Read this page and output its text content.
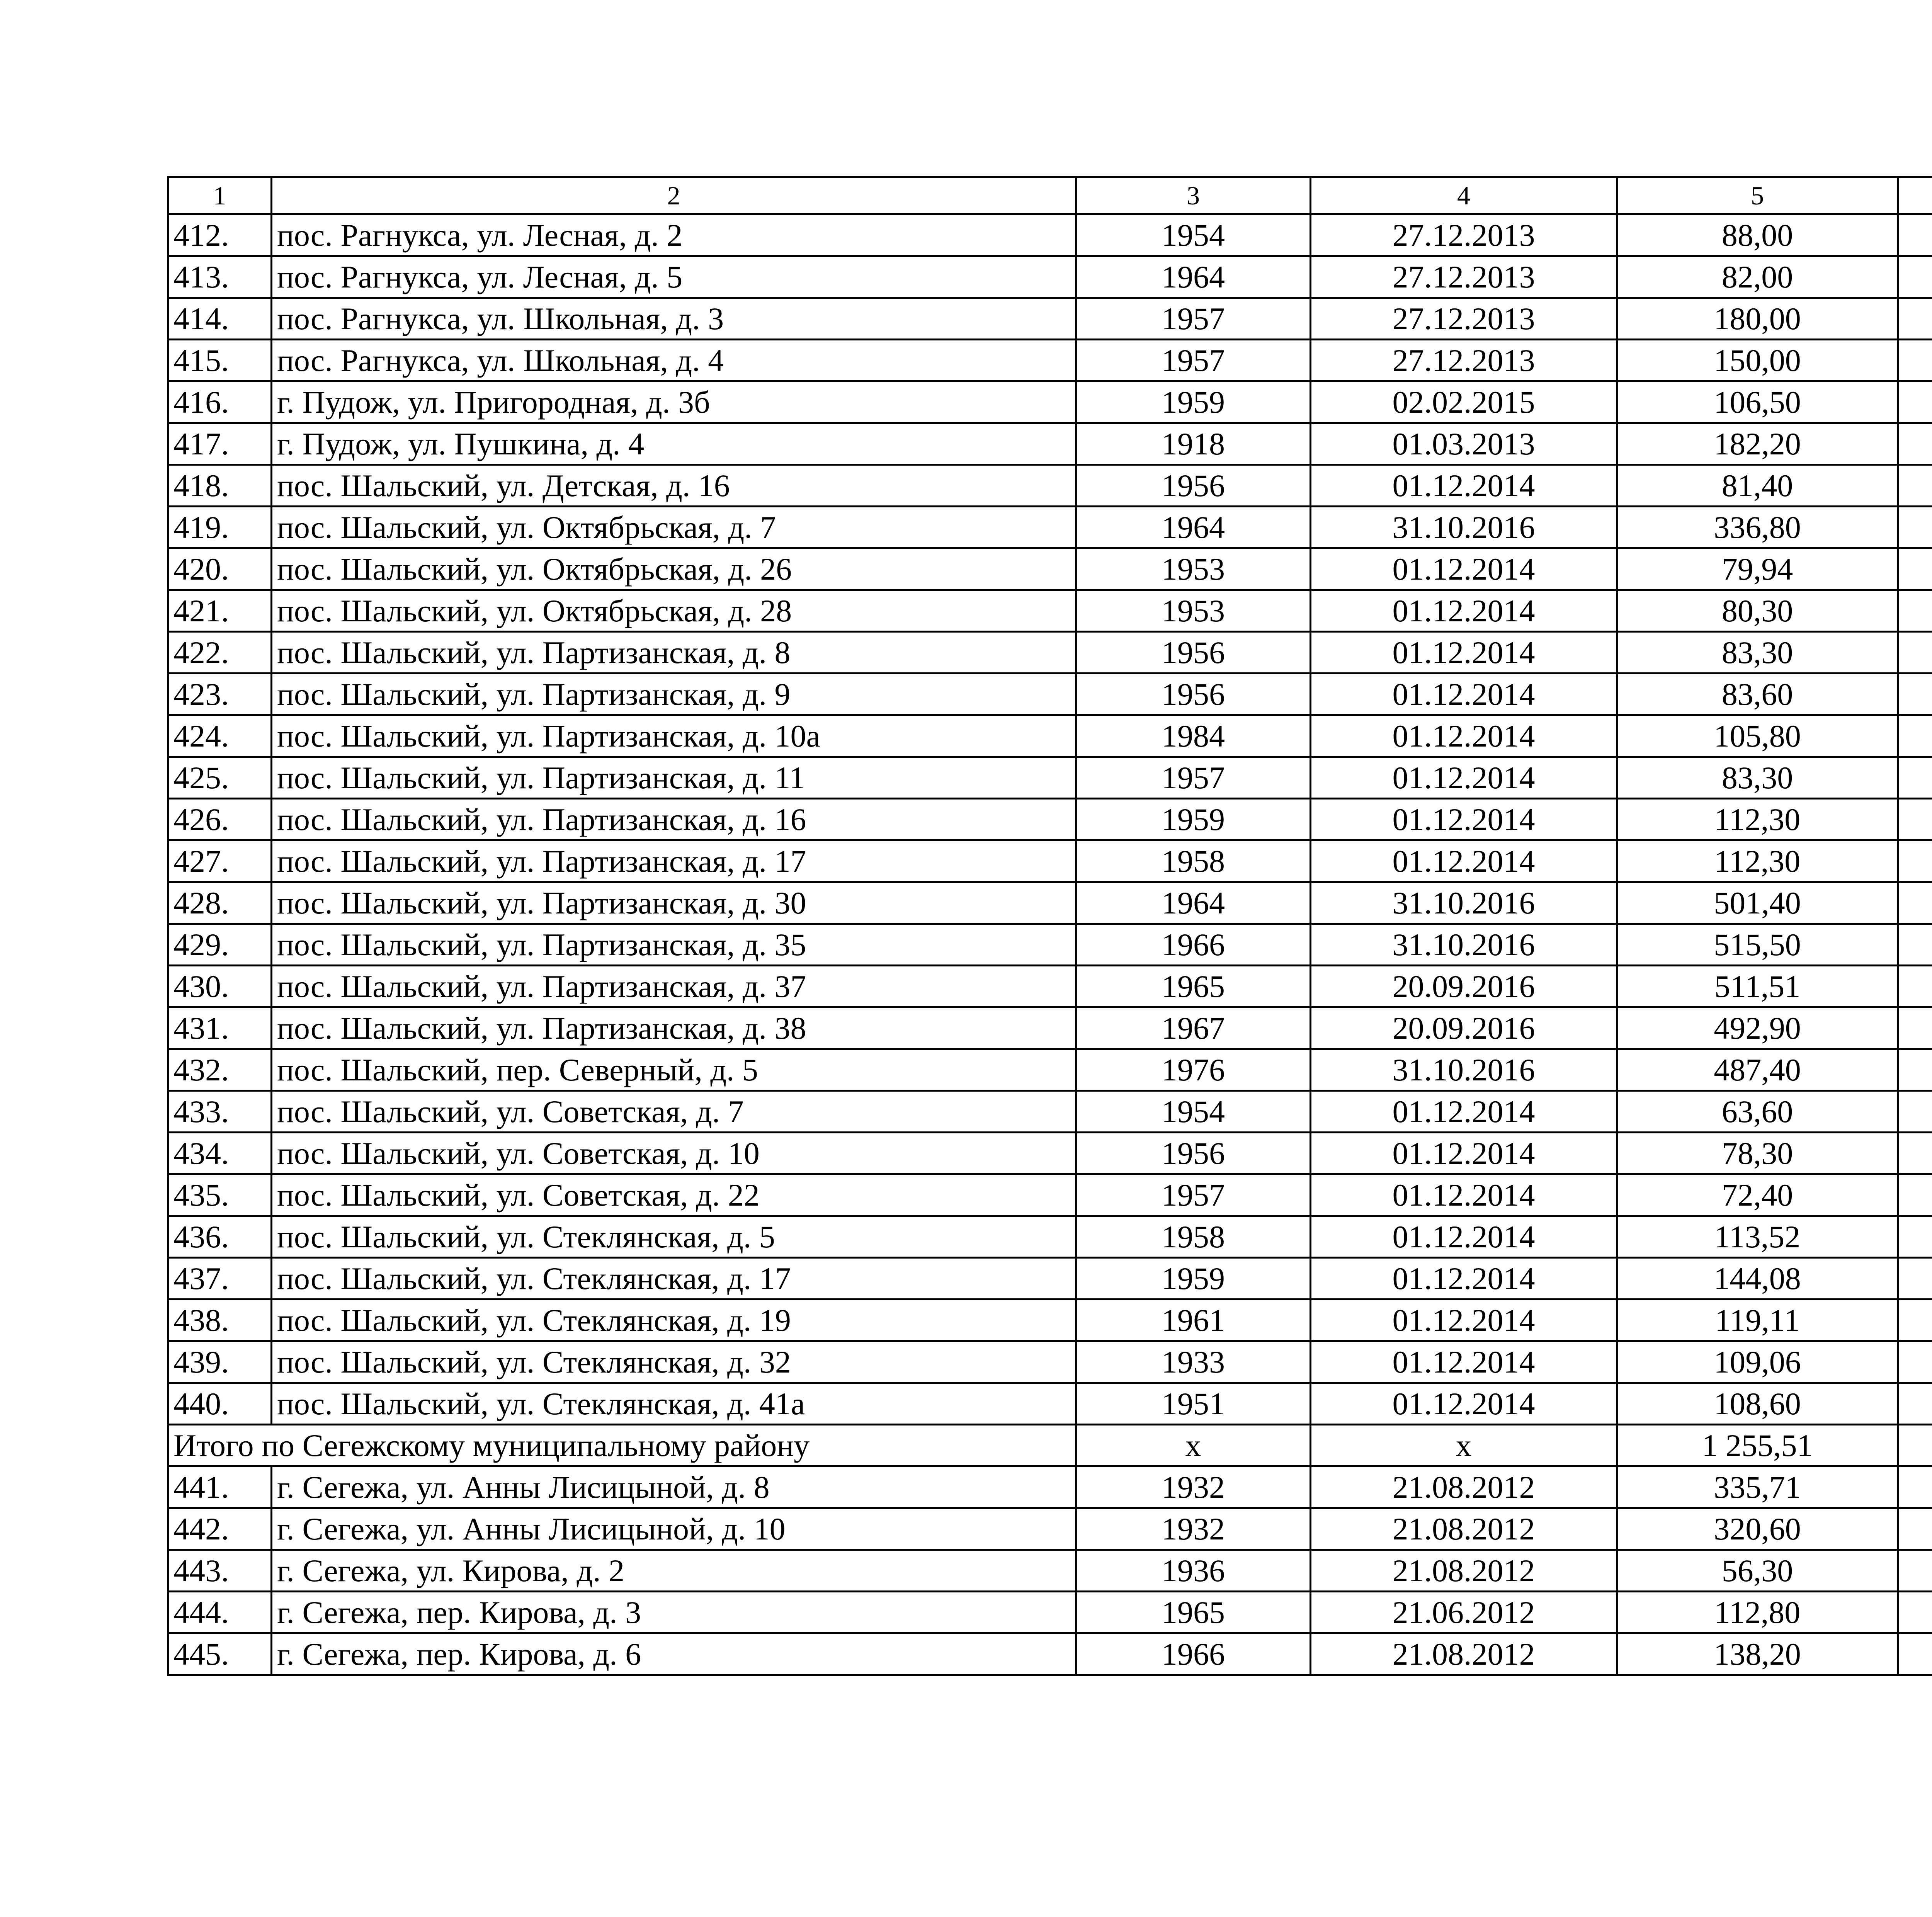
1	2	3	4	5		
412.	пос. Рагнукса, ул. Лесная, д. 2	1954	27.12.2013	88,00		
413.	пос. Рагнукса, ул. Лесная, д. 5	1964	27.12.2013	82,00		
414.	пос. Рагнукса, ул. Школьная, д. 3	1957	27.12.2013	180,00		
415.	пос. Рагнукса, ул. Школьная, д. 4	1957	27.12.2013	150,00		
416.	г. Пудож, ул. Пригородная, д. 3б	1959	02.02.2015	106,50		
417.	г. Пудож, ул. Пушкина, д. 4	1918	01.03.2013	182,20		
418.	пос. Шальский, ул. Детская, д. 16	1956	01.12.2014	81,40		
419.	пос. Шальский, ул. Октябрьская, д. 7	1964	31.10.2016	336,80		
420.	пос. Шальский, ул. Октябрьская, д. 26	1953	01.12.2014	79,94		
421.	пос. Шальский, ул. Октябрьская, д. 28	1953	01.12.2014	80,30		
422.	пос. Шальский, ул. Партизанская, д. 8	1956	01.12.2014	83,30		
423.	пос. Шальский, ул. Партизанская, д. 9	1956	01.12.2014	83,60		
424.	пос. Шальский, ул. Партизанская, д. 10а	1984	01.12.2014	105,80		
425.	пос. Шальский, ул. Партизанская, д. 11	1957	01.12.2014	83,30		
426.	пос. Шальский, ул. Партизанская, д. 16	1959	01.12.2014	112,30		
427.	пос. Шальский, ул. Партизанская, д. 17	1958	01.12.2014	112,30		
428.	пос. Шальский, ул. Партизанская, д. 30	1964	31.10.2016	501,40		
429.	пос. Шальский, ул. Партизанская, д. 35	1966	31.10.2016	515,50		
430.	пос. Шальский, ул. Партизанская, д. 37	1965	20.09.2016	511,51		
431.	пос. Шальский, ул. Партизанская, д. 38	1967	20.09.2016	492,90		
432.	пос. Шальский, пер. Северный, д. 5	1976	31.10.2016	487,40		
433.	пос. Шальский, ул. Советская, д. 7	1954	01.12.2014	63,60		
434.	пос. Шальский, ул. Советская, д. 10	1956	01.12.2014	78,30		
435.	пос. Шальский, ул. Советская, д. 22	1957	01.12.2014	72,40		
436.	пос. Шальский, ул. Стеклянская, д. 5	1958	01.12.2014	113,52		
437.	пос. Шальский, ул. Стеклянская, д. 17	1959	01.12.2014	144,08		
438.	пос. Шальский, ул. Стеклянская, д. 19	1961	01.12.2014	119,11		
439.	пос. Шальский, ул. Стеклянская, д. 32	1933	01.12.2014	109,06		
440.	пос. Шальский, ул. Стеклянская, д. 41а	1951	01.12.2014	108,60		
Итого по Сегежскому муниципальному району		х	х	1 255,51		
441.	г. Сегежа, ул. Анны Лисицыной, д. 8	1932	21.08.2012	335,71		
442.	г. Сегежа, ул. Анны Лисицыной, д. 10	1932	21.08.2012	320,60		
443.	г. Сегежа, ул. Кирова, д. 2	1936	21.08.2012	56,30		
444.	г. Сегежа, пер. Кирова, д. 3	1965	21.06.2012	112,80		
445.	г. Сегежа, пер. Кирова, д. 6	1966	21.08.2012	138,20		
